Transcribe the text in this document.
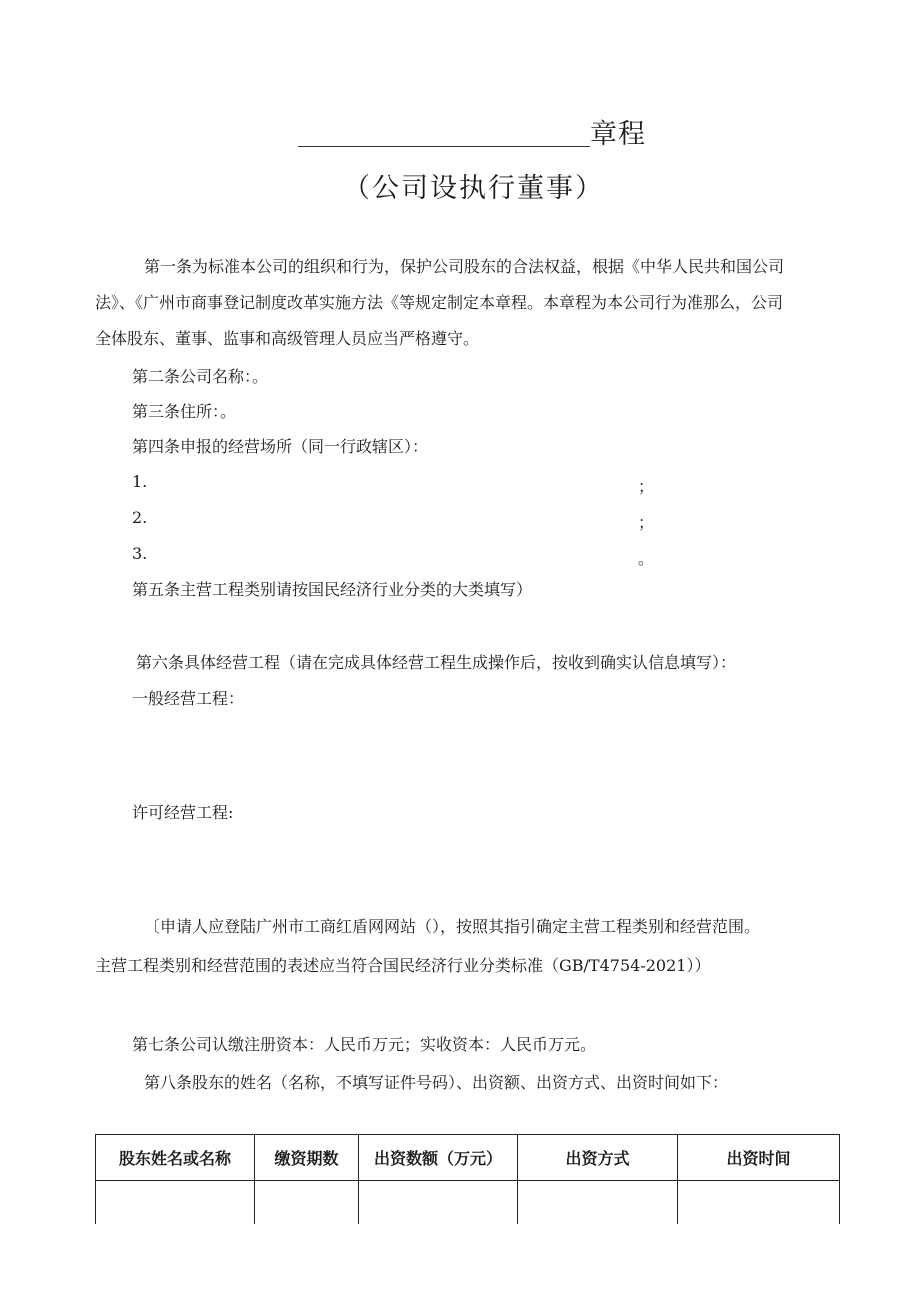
章程
（公司设执行董事）
第一条为标准本公司的组织和行为，保护公司股东的合法权益，根据《中华人民共和国公司
法》、《广州市商事登记制度改革实施方法《等规定制定本章程。本章程为本公司行为准那么，公司
全体股东、董事、监事和高级管理人员应当严格遵守。
第二条公司名称：。
第三条住所：。
第四条申报的经营场所（同一行政辖区）：
1.	；
2.	；
3.	。
第五条主营工程类别请按国民经济行业分类的大类填写）
第六条具体经营工程（请在完成具体经营工程生成操作后，按收到确实认信息填写）：
一般经营工程：
许可经营工程:
〔申请人应登陆广州市工商红盾网网站（），按照其指引确定主营工程类别和经营范围。
主营工程类别和经营范围的表述应当符合国民经济行业分类标准（GB/T4754-2021））
第七条公司认缴注册资本：人民币万元；实收资本：人民币万元。
第八条股东的姓名（名称，不填写证件号码）、出资额、出资方式、出资时间如下：
股东姓名或名称	缴资期数	出资数额（万元）	出资方式	出资时间
